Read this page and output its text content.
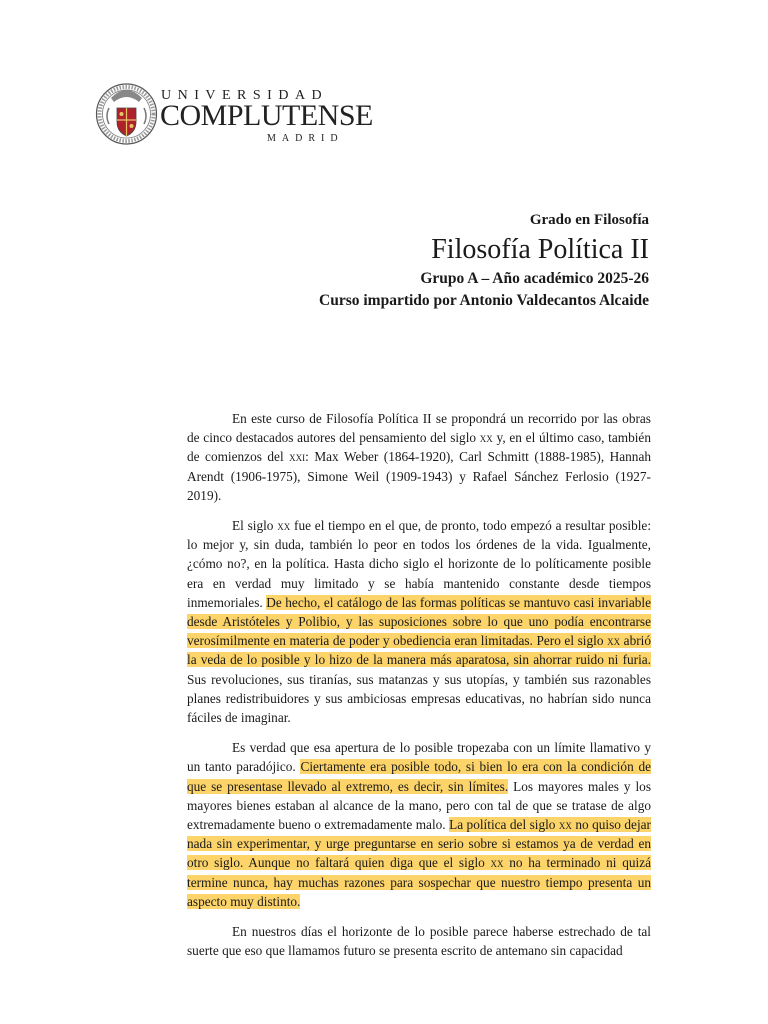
UNIVERSIDAD
COMPLUTENSE
MADRID
Grado en Filosofía
Filosofía Política II
Grupo A – Año académico 2025-26
Curso impartido por Antonio Valdecantos Alcaide

En este curso de Filosofía Política II se propondrá un recorrido por las obras de cinco destacados autores del pensamiento del siglo xx y, en el último caso, también de comienzos del xxi: Max Weber (1864-1920), Carl Schmitt (1888-1985), Hannah Arendt (1906-1975), Simone Weil (1909-1943) y Rafael Sánchez Ferlosio (1927-2019).

El siglo xx fue el tiempo en el que, de pronto, todo empezó a resultar posible: lo mejor y, sin duda, también lo peor en todos los órdenes de la vida. Igualmente, ¿cómo no?, en la política. Hasta dicho siglo el horizonte de lo políticamente posible era en verdad muy limitado y se había mantenido constante desde tiempos inmemoriales. De hecho, el catálogo de las formas políticas se mantuvo casi invariable desde Aristóteles y Polibio, y las suposiciones sobre lo que uno podía encontrarse verosímilmente en materia de poder y obediencia eran limitadas. Pero el siglo xx abrió la veda de lo posible y lo hizo de la manera más aparatosa, sin ahorrar ruido ni furia. Sus revoluciones, sus tiranías, sus matanzas y sus utopías, y también sus razonables planes redistribuidores y sus ambiciosas empresas educativas, no habrían sido nunca fáciles de imaginar.

Es verdad que esa apertura de lo posible tropezaba con un límite llamativo y un tanto paradójico. Ciertamente era posible todo, si bien lo era con la condición de que se presentase llevado al extremo, es decir, sin límites. Los mayores males y los mayores bienes estaban al alcance de la mano, pero con tal de que se tratase de algo extremadamente bueno o extremadamente malo. La política del siglo xx no quiso dejar nada sin experimentar, y urge preguntarse en serio sobre si estamos ya de verdad en otro siglo. Aunque no faltará quien diga que el siglo xx no ha terminado ni quizá termine nunca, hay muchas razones para sospechar que nuestro tiempo presenta un aspecto muy distinto.

En nuestros días el horizonte de lo posible parece haberse estrechado de tal suerte que eso que llamamos futuro se presenta escrito de antemano sin capacidad
